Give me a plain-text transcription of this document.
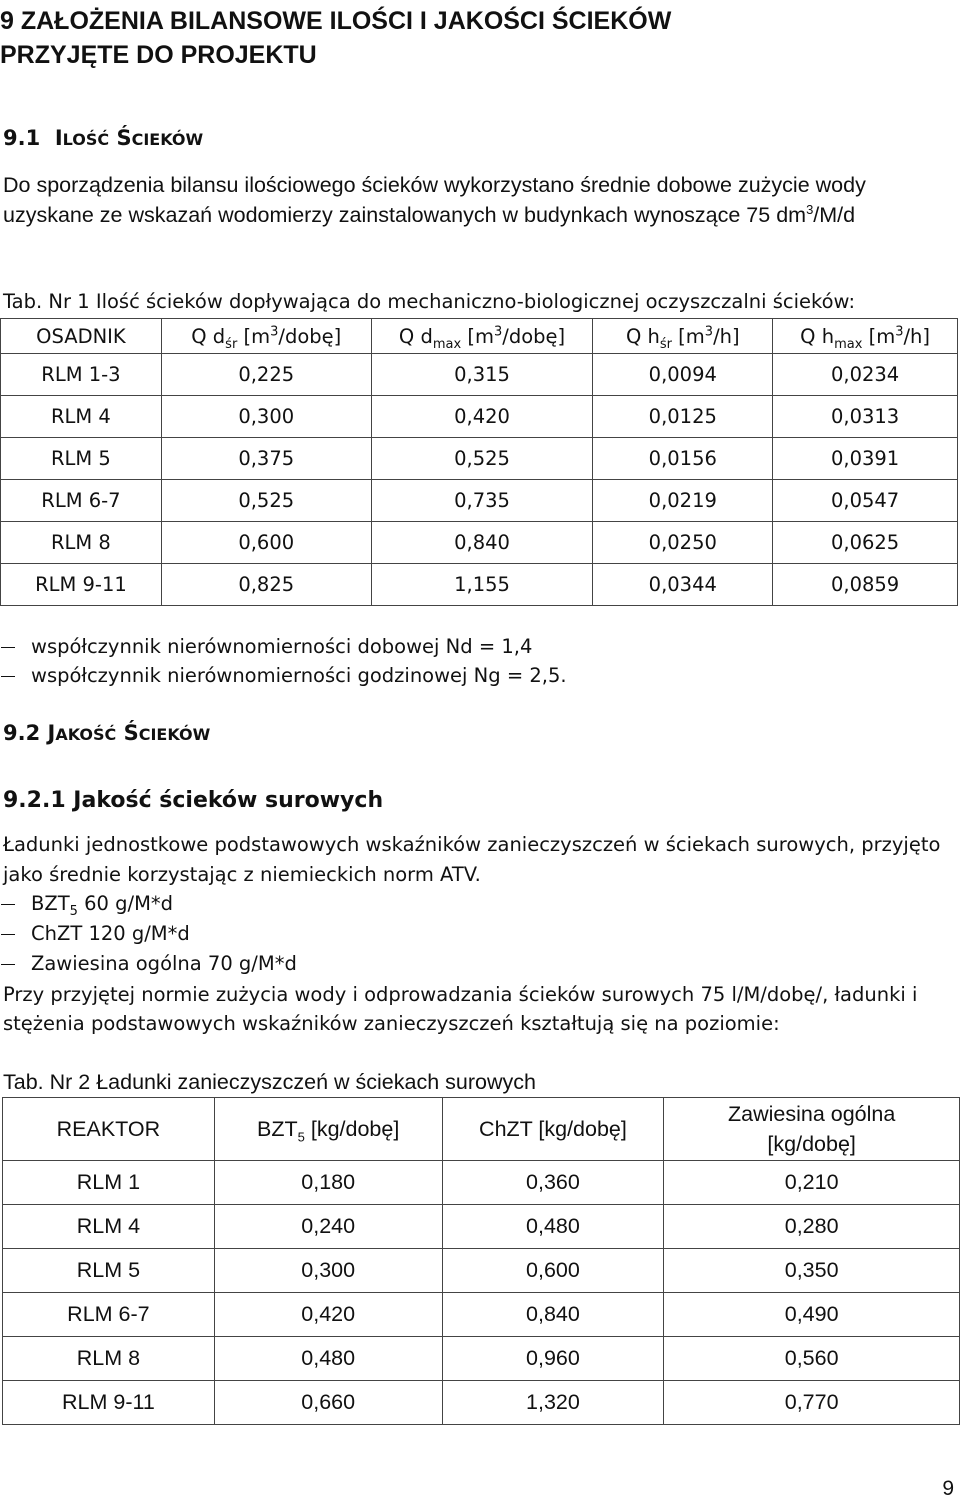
9 ZAŁOŻENIA BILANSOWE ILOŚCI I JAKOŚCI ŚCIEKÓW
PRZYJĘTE DO PROJEKTU
9.1 ILOŚĆ ŚCIEKÓW
Do sporządzenia bilansu ilościowego ścieków wykorzystano średnie dobowe zużycie wody uzyskane ze wskazań wodomierzy zainstalowanych w budynkach wynoszące 75 $dm^3/M/d$
Tab. Nr 1 Ilość ścieków dopływająca do mechaniczno-biologicznej oczyszczalni ścieków:
OSADNIK	Q $d_{śr}$ $[m^3/dobę]$	Q $d_{max}$ $[m^3/dobę]$	Q $h_{śr}$ $[m^3/h]$	Q $h_{max}$ $[m^3/h]$
RLM 1-3	0,225	0,315	0,0094	0,0234
RLM 4	0,300	0,420	0,0125	0,0313
RLM 5	0,375	0,525	0,0156	0,0391
RLM 6-7	0,525	0,735	0,0219	0,0547
RLM 8	0,600	0,840	0,0250	0,0625
RLM 9-11	0,825	1,155	0,0344	0,0859
współczynnik nierównomierności dobowej Nd = 1,4
współczynnik nierównomierności godzinowej Ng = 2,5.
9.2 JAKOŚĆ ŚCIEKÓW
9.2.1 Jakość ścieków surowych
Ładunki jednostkowe podstawowych wskaźników zanieczyszczeń w ściekach surowych, przyjęto jako średnie korzystając z niemieckich norm ATV.
$BZT_5$ 60 g/M*d
ChZT 120 g/M*d
Zawiesina ogólna 70 g/M*d
Przy przyjętej normie zużycia wody i odprowadzania ścieków surowych 75 l/M/dobę/, ładunki i stężenia podstawowych wskaźników zanieczyszczeń kształtują się na poziomie:
Tab. Nr 2 Ładunki zanieczyszczeń w ściekach surowych
REAKTOR	$BZT_5$ [kg/dobę]	ChZT [kg/dobę]	Zawiesina ogólna
[kg/dobę]

RLM 1	0,180	0,360	0,210
RLM 4	0,240	0,480	0,280
RLM 5	0,300	0,600	0,350
RLM 6-7	0,420	0,840	0,490
RLM 8	0,480	0,960	0,560
RLM 9-11	0,660	1,320	0,770
9
